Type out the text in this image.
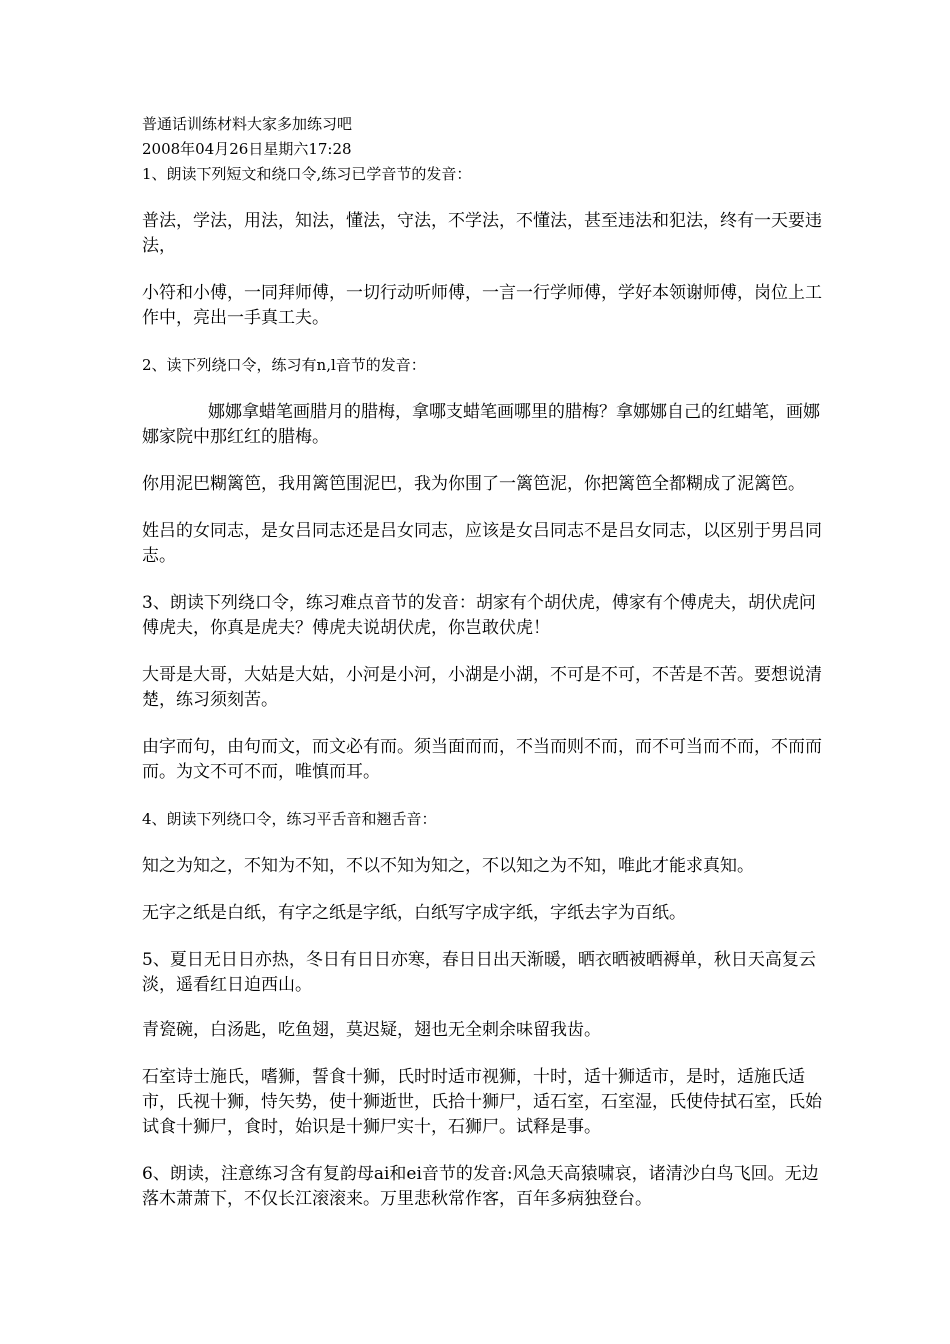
普通话训练材料大家多加练习吧

2008年04月26日星期六17:28

1、朗读下列短文和绕口令,练习已学音节的发音：

普法，学法，用法，知法，懂法，守法，不学法，不懂法，甚至违法和犯法，终有一天要违法，

小符和小傅，一同拜师傅，一切行动听师傅，一言一行学师傅，学好本领谢师傅，岗位上工作中，亮出一手真工夫。

2、读下列绕口令，练习有n,l音节的发音：

娜娜拿蜡笔画腊月的腊梅，拿哪支蜡笔画哪里的腊梅？拿娜娜自己的红蜡笔，画娜娜家院中那红红的腊梅。

你用泥巴糊篱笆，我用篱笆围泥巴，我为你围了一篱笆泥，你把篱笆全都糊成了泥篱笆。

姓吕的女同志，是女吕同志还是吕女同志，应该是女吕同志不是吕女同志，以区别于男吕同志。

3、朗读下列绕口令，练习难点音节的发音：胡家有个胡伏虎，傅家有个傅虎夫，胡伏虎问傅虎夫，你真是虎夫？傅虎夫说胡伏虎，你岂敢伏虎！

大哥是大哥，大姑是大姑，小河是小河，小湖是小湖，不可是不可，不苦是不苦。要想说清楚，练习须刻苦。

由字而句，由句而文，而文必有而。须当面而而，不当而则不而，而不可当而不而，不而而而。为文不可不而，唯慎而耳。

4、朗读下列绕口令，练习平舌音和翘舌音：

知之为知之，不知为不知，不以不知为知之，不以知之为不知，唯此才能求真知。

无字之纸是白纸，有字之纸是字纸，白纸写字成字纸，字纸去字为百纸。

5、夏日无日日亦热，冬日有日日亦寒，春日日出天渐暖，晒衣晒被晒褥单，秋日天高复云淡，遥看红日迫西山。

青瓷碗，白汤匙，吃鱼翅，莫迟疑，翅也无全刺余味留我齿。

石室诗士施氏，嗜狮，誓食十狮，氏时时适市视狮，十时，适十狮适市，是时，适施氏适市，氏视十狮，恃矢势，使十狮逝世，氏拾十狮尸，适石室，石室湿，氏使侍拭石室，氏始试食十狮尸，食时，始识是十狮尸实十，石狮尸。试释是事。

6、朗读，注意练习含有复韵母ai和ei音节的发音:风急天高猿啸哀，诸清沙白鸟飞回。无边落木萧萧下，不仅长江滚滚来。万里悲秋常作客，百年多病独登台。
